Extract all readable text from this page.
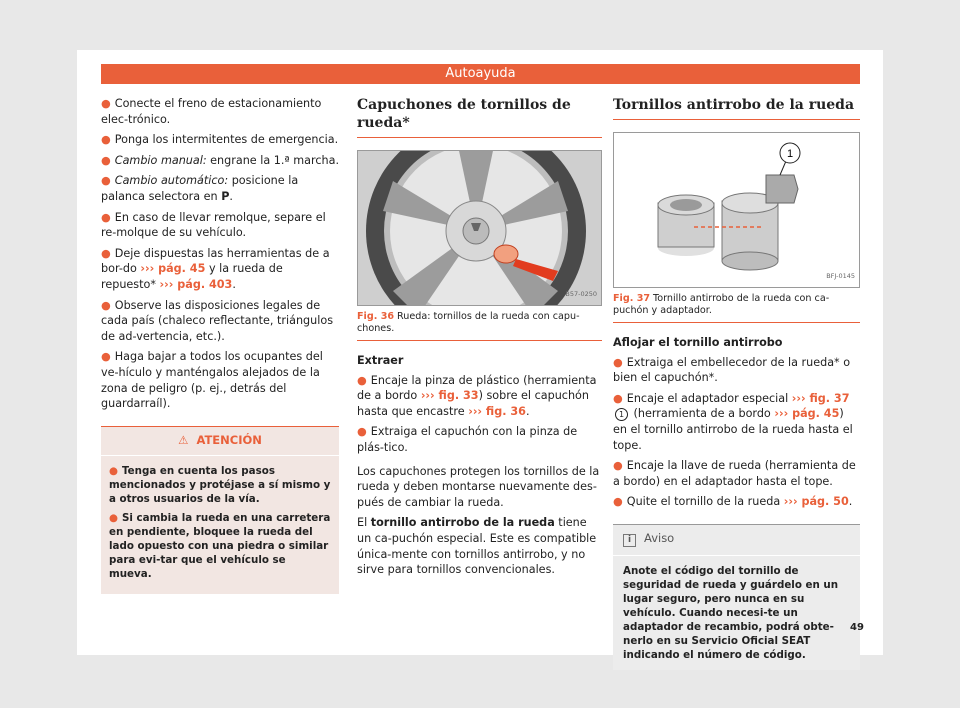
Autoayuda

● Conecte el freno de estacionamiento elec-trónico.

● Ponga los intermitentes de emergencia.

● Cambio manual: engrane la 1.ª marcha.

● Cambio automático: posicione la palanca selectora en P.

● En caso de llevar remolque, separe el re-molque de su vehículo.

● Deje dispuestas las herramientas de a bor-do ››› pág. 45 y la rueda de repuesto* ››› pág. 403.

● Observe las disposiciones legales de cada país (chaleco reflectante, triángulos de ad-vertencia, etc.).

● Haga bajar a todos los ocupantes del ve-hículo y manténgalos alejados de la zona de peligro (p. ej., detrás del guardarraíl).

⚠ ATENCIÓN

● Tenga en cuenta los pasos mencionados y protéjase a sí mismo y a otros usuarios de la vía.

● Si cambia la rueda en una carretera en pendiente, bloquee la rueda del lado opuesto con una piedra o similar para evi-tar que el vehículo se mueva.

Capuchones de tornillos de rueda*
B57-0250

Fig. 36 Rueda: tornillos de la rueda con capu-chones.

Extraer

● Encaje la pinza de plástico (herramienta de a bordo ››› fig. 33) sobre el capuchón hasta que encastre ››› fig. 36.

● Extraiga el capuchón con la pinza de plás-tico.

Los capuchones protegen los tornillos de la rueda y deben montarse nuevamente des-pués de cambiar la rueda.

El tornillo antirrobo de la rueda tiene un ca-puchón especial. Este es compatible única-mente con tornillos antirrobo, y no sirve para tornillos convencionales.

Tornillos antirrobo de la rueda
1
BFJ-0145

Fig. 37 Tornillo antirrobo de la rueda con ca-puchón y adaptador.

Aflojar el tornillo antirrobo

● Extraiga el embellecedor de la rueda* o bien el capuchón*.

● Encaje el adaptador especial ››› fig. 371 (herramienta de a bordo ››› pág. 45) en el tornillo antirrobo de la rueda hasta el tope.

● Encaje la llave de rueda (herramienta de a bordo) en el adaptador hasta el tope.

● Quite el tornillo de la rueda ››› pág. 50.

i Aviso
Anote el código del tornillo de seguridad de rueda y guárdelo en un lugar seguro, pero nunca en su vehículo. Cuando necesi-te un adaptador de recambio, podrá obte-nerlo en su Servicio Oficial SEAT indicando el número de código.
49
